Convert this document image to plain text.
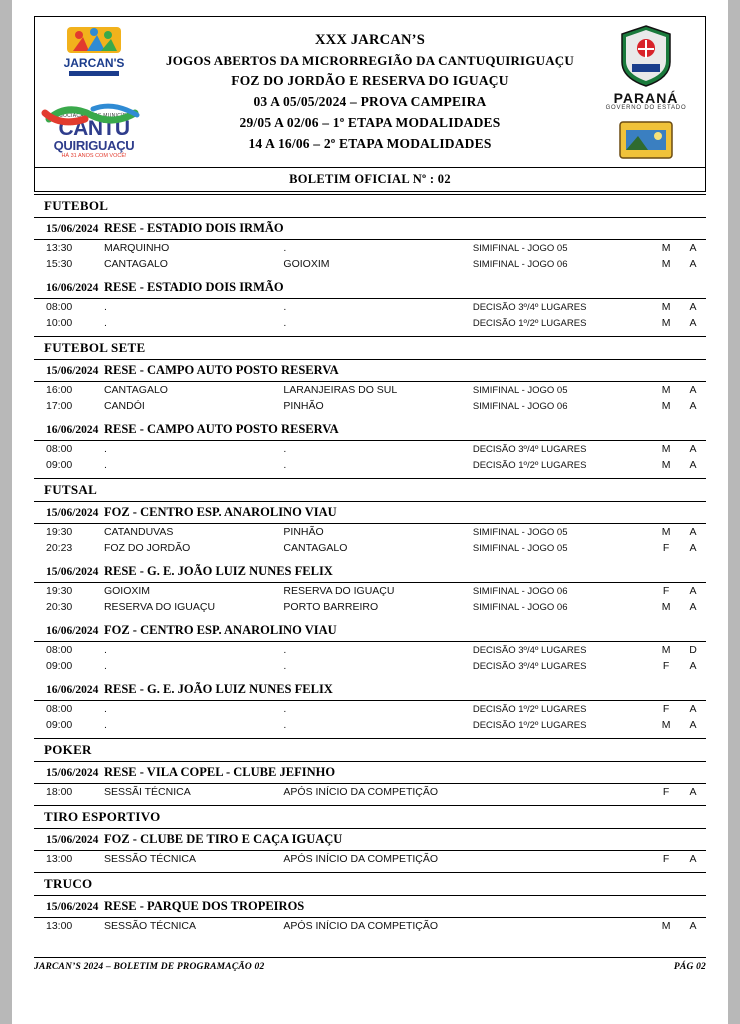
JARCAN'S
ASSOCIAÇÃO DOS MUNICÍPIOS
CANTU
QUIRIGUAÇU
HÁ 31 ANOS COM VOCÊ!
XXX JARCAN’S
JOGOS ABERTOS DA MICRORREGIÃO DA CANTUQUIRIGUAÇU
FOZ DO JORDÃO E RESERVA DO IGUAÇU
03 A 05/05/2024 – PROVA CAMPEIRA
29/05 A 02/06 – 1º ETAPA MODALIDADES
14 A 16/06 – 2º ETAPA MODALIDADES
PARANÁ
GOVERNO DO ESTADO
BOLETIM OFICIAL Nº : 02
FUTEBOL					
15/06/2024	RESE - ESTADIO DOIS IRMÃO				
13:30	MARQUINHO	.	SIMIFINAL - JOGO 05	M	A
15:30	CANTAGALO	GOIOXIM	SIMIFINAL - JOGO 06	M	A

16/06/2024	RESE - ESTADIO DOIS IRMÃO				
08:00	.	.	DECISÃO 3º/4º LUGARES	M	A
10:00	.	.	DECISÃO 1º/2º LUGARES	M	A

FUTEBOL SETE					
15/06/2024	RESE - CAMPO AUTO POSTO RESERVA				
16:00	CANTAGALO	LARANJEIRAS DO SUL	SIMIFINAL - JOGO 05	M	A
17:00	CANDÓI	PINHÃO	SIMIFINAL - JOGO 06	M	A

16/06/2024	RESE - CAMPO AUTO POSTO RESERVA				
08:00	.	.	DECISÃO 3º/4º LUGARES	M	A
09:00	.	.	DECISÃO 1º/2º LUGARES	M	A

FUTSAL					
15/06/2024	FOZ - CENTRO ESP. ANAROLINO VIAU				
19:30	CATANDUVAS	PINHÃO	SIMIFINAL - JOGO 05	M	A
20:23	FOZ DO JORDÃO	CANTAGALO	SIMIFINAL - JOGO 05	F	A

15/06/2024	RESE - G. E. JOÃO LUIZ NUNES FELIX				
19:30	GOIOXIM	RESERVA DO IGUAÇU	SIMIFINAL - JOGO 06	F	A
20:30	RESERVA DO IGUAÇU	PORTO BARREIRO	SIMIFINAL - JOGO 06	M	A

16/06/2024	FOZ - CENTRO ESP. ANAROLINO VIAU				
08:00	.	.	DECISÃO 3º/4º LUGARES	M	D
09:00	.	.	DECISÃO 3º/4º LUGARES	F	A

16/06/2024	RESE - G. E. JOÃO LUIZ NUNES FELIX				
08:00	.	.	DECISÃO 1º/2º LUGARES	F	A
09:00	.	.	DECISÃO 1º/2º LUGARES	M	A

POKER					
15/06/2024	RESE - VILA COPEL - CLUBE JEFINHO				
18:00	SESSÃI TÉCNICA	APÓS INÍCIO DA COMPETIÇÃO		F	A

TIRO ESPORTIVO					
15/06/2024	FOZ - CLUBE DE TIRO E CAÇA IGUAÇU				
13:00	SESSÃO TÉCNICA	APÓS INÍCIO DA COMPETIÇÃO		F	A

TRUCO					
15/06/2024	RESE - PARQUE DOS TROPEIROS				
13:00	SESSÃO TÉCNICA	APÓS INÍCIO DA COMPETIÇÃO		M	A

JARCAN’S 2024 – BOLETIM DE PROGRAMAÇÃO 02	PÁG 02
